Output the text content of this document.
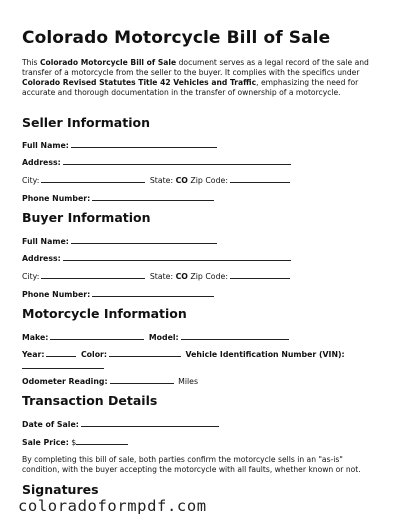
Colorado Motorcycle Bill of Sale
This Colorado Motorcycle Bill of Sale document serves as a legal record of the sale and transfer of a motorcycle from the seller to the buyer. It complies with the specifics under Colorado Revised Statutes Title 42 Vehicles and Traffic, emphasizing the need for accurate and thorough documentation in the transfer of ownership of a motorcycle.
Seller Information
Full Name:
Address:
City:	State: CO Zip Code:
Phone Number:
Buyer Information
Full Name:
Address:
City:	State: CO Zip Code:
Phone Number:
Motorcycle Information
Make:	Model:
Year:	Color:	Vehicle Identification Number (VIN):
Odometer Reading:	Miles
Transaction Details
Date of Sale:
Sale Price: $
By completing this bill of sale, both parties confirm the motorcycle sells in an "as-is" condition, with the buyer accepting the motorcycle with all faults, whether known or not.
Signatures
coloradoformpdf.com
